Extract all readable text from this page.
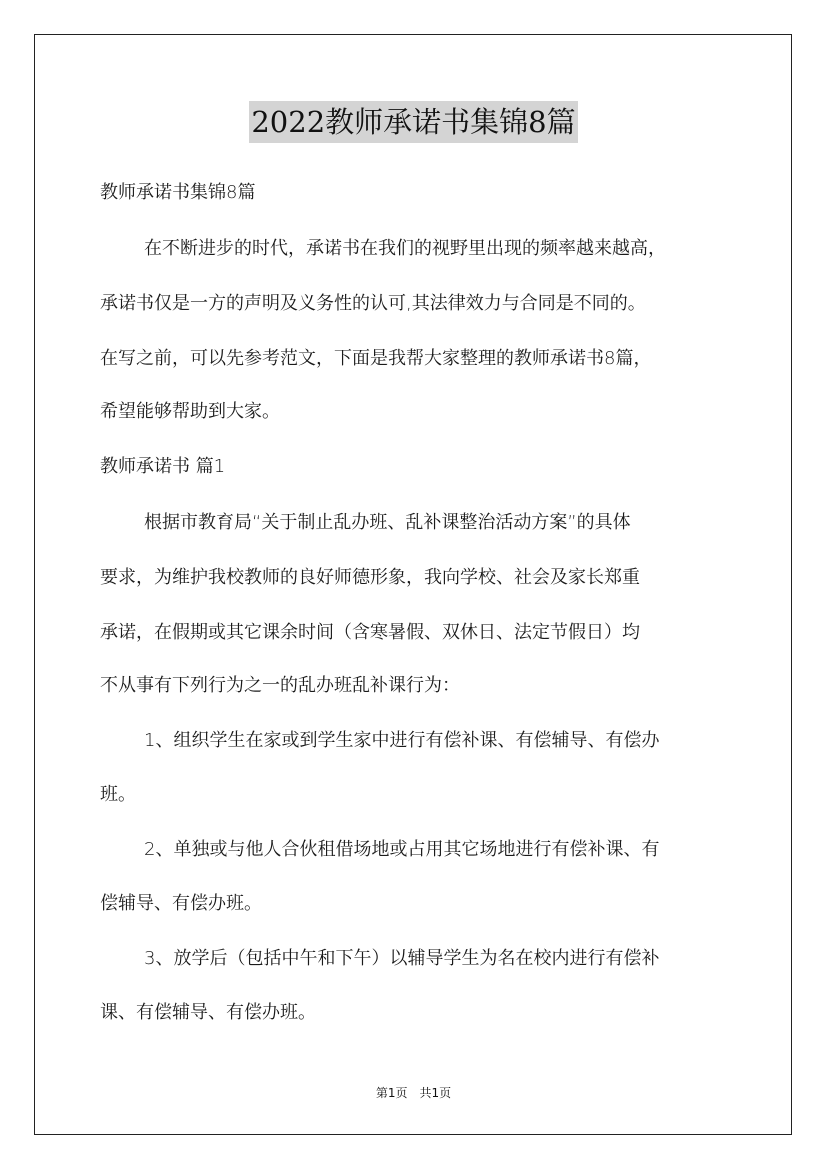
2022教师承诺书集锦8篇
教师承诺书集锦8篇
在不断进步的时代，承诺书在我们的视野里出现的频率越来越高，
承诺书仅是一方的声明及义务性的认可,其法律效力与合同是不同的。
在写之前，可以先参考范文，下面是我帮大家整理的教师承诺书8篇，
希望能够帮助到大家。
教师承诺书 篇1
根据市教育局“关于制止乱办班、乱补课整治活动方案”的具体
要求，为维护我校教师的良好师德形象，我向学校、社会及家长郑重
承诺，在假期或其它课余时间（含寒暑假、双休日、法定节假日）均
不从事有下列行为之一的乱办班乱补课行为：
1、组织学生在家或到学生家中进行有偿补课、有偿辅导、有偿办
班。
2、单独或与他人合伙租借场地或占用其它场地进行有偿补课、有
偿辅导、有偿办班。
3、放学后（包括中午和下午）以辅导学生为名在校内进行有偿补
课、有偿辅导、有偿办班。
第1页　共1页
